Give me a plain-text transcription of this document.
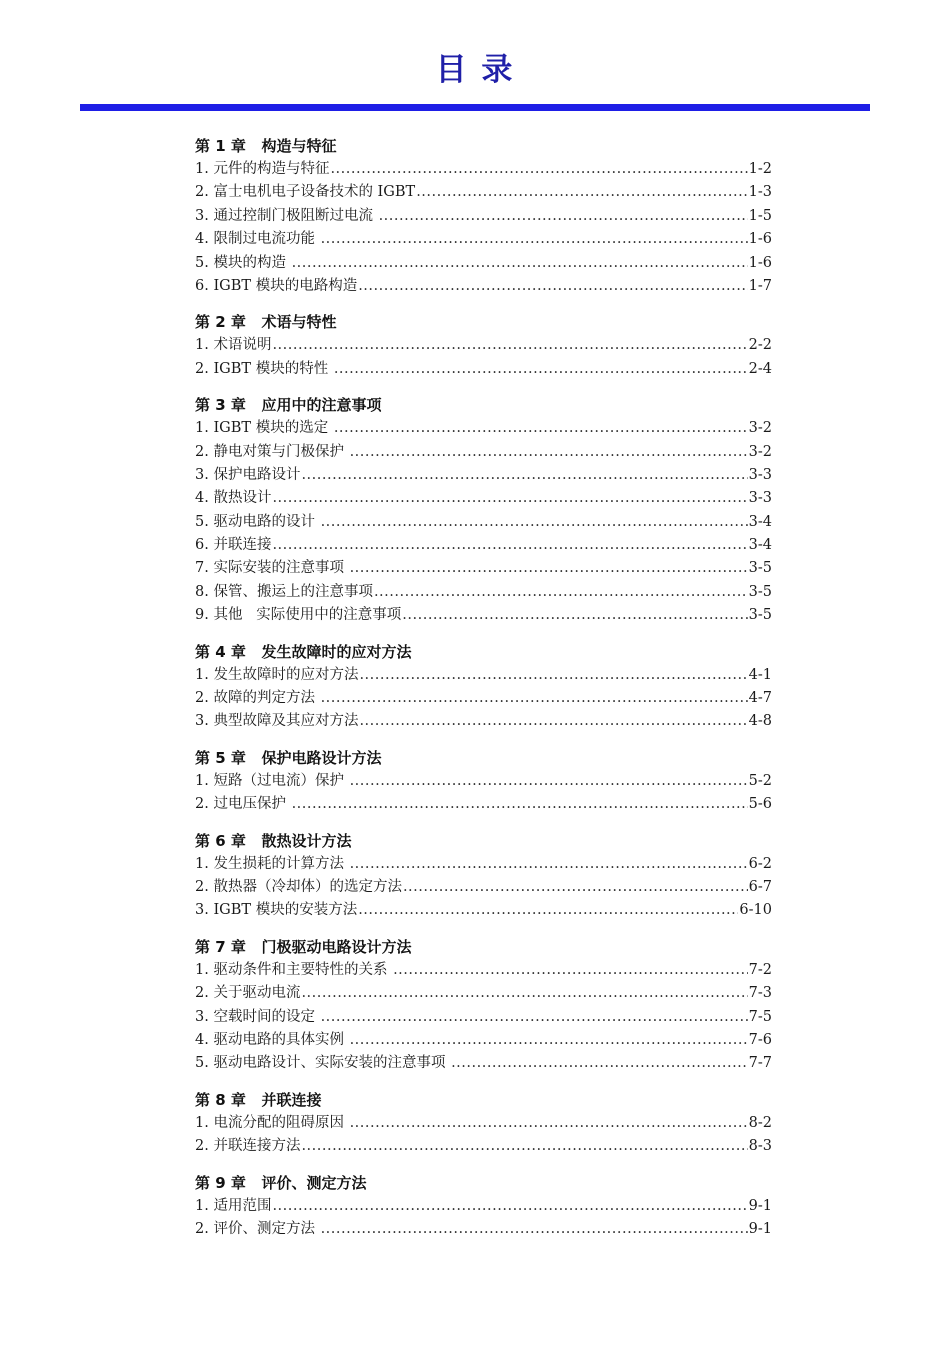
目 录
第 1 章   构造与特征
1. 元件的构造与特征 .....	1-2
2. 富士电机电子设备技术的 IGBT .....	1-3
3. 通过控制门极阻断过电流 .....	1-5
4. 限制过电流功能 .....	1-6
5. 模块的构造 .....	1-6
6. IGBT 模块的电路构造 .....	1-7
第 2 章   术语与特性
1. 术语说明 .....	2-2
2. IGBT 模块的特性 .....	2-4
第 3 章   应用中的注意事项
1. IGBT 模块的选定 .....	3-2
2. 静电对策与门极保护 .....	3-2
3. 保护电路设计 .....	3-3
4. 散热设计 .....	3-3
5. 驱动电路的设计 .....	3-4
6. 并联连接 .....	3-4
7. 实际安装的注意事项 .....	3-5
8. 保管、搬运上的注意事项 .....	3-5
9. 其他   实际使用中的注意事项 .....	3-5
第 4 章   发生故障时的应对方法
1. 发生故障时的应对方法 .....	4-1
2. 故障的判定方法 .....	4-7
3. 典型故障及其应对方法 .....	4-8
第 5 章   保护电路设计方法
1. 短路（过电流）保护 .....	5-2
2. 过电压保护 .....	5-6
第 6 章   散热设计方法
1. 发生损耗的计算方法 .....	6-2
2. 散热器（冷却体）的选定方法 .....	6-7
3. IGBT 模块的安装方法 .....	6-10
第 7 章   门极驱动电路设计方法
1. 驱动条件和主要特性的关系 .....	7-2
2. 关于驱动电流 .....	7-3
3. 空载时间的设定 .....	7-5
4. 驱动电路的具体实例 .....	7-6
5. 驱动电路设计、实际安装的注意事项 .....	7-7
第 8 章   并联连接
1. 电流分配的阻碍原因 .....	8-2
2. 并联连接方法 .....	8-3
第 9 章   评价、测定方法
1. 适用范围 .....	9-1
2. 评价、测定方法 .....	9-1
